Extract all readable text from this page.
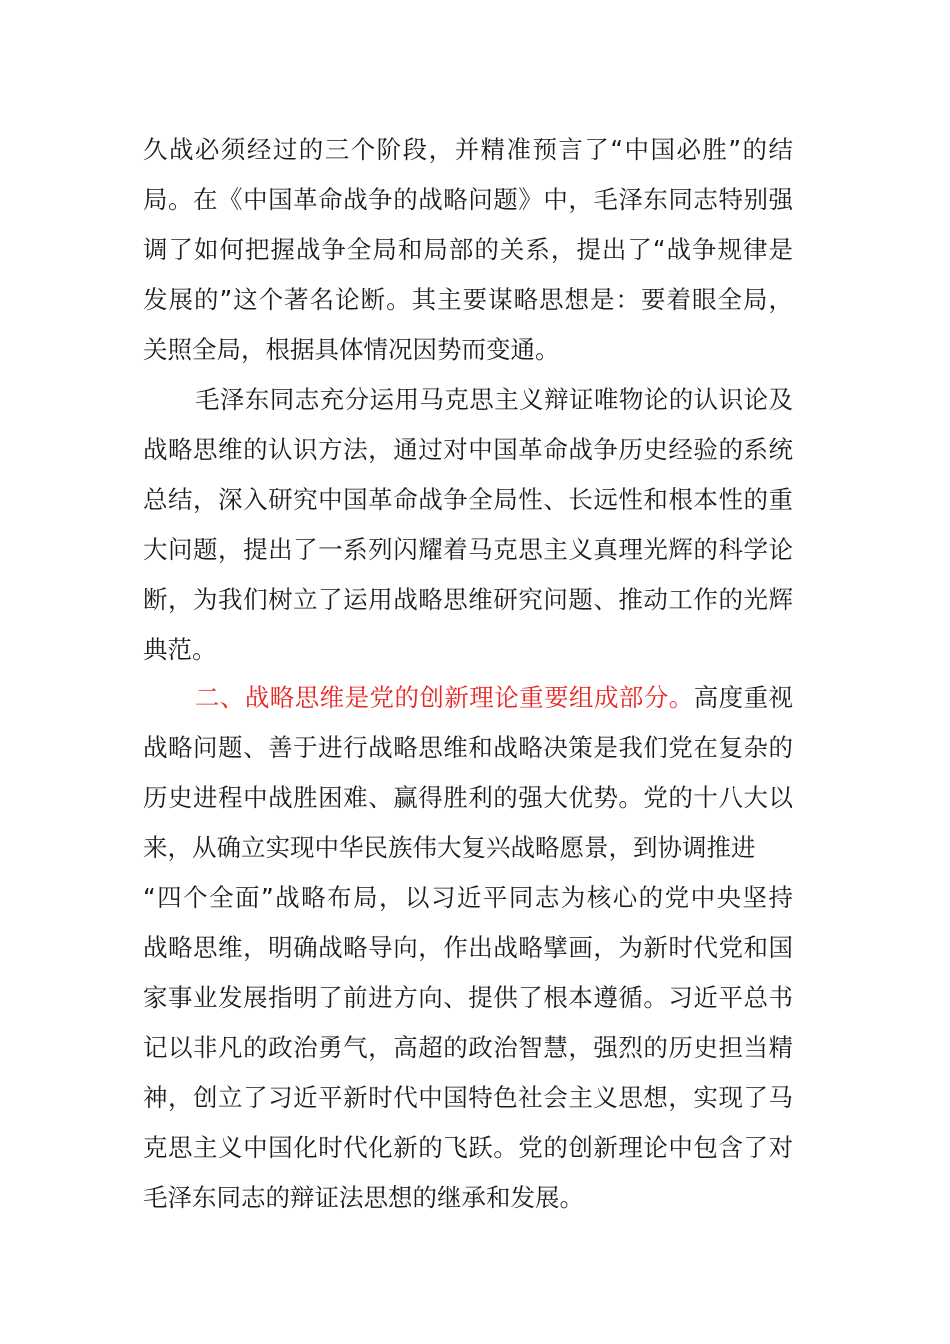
久战必须经过的三个阶段，并精准预言了“中国必胜”的结
局。在《中国革命战争的战略问题》中，毛泽东同志特别强
调了如何把握战争全局和局部的关系，提出了“战争规律是
发展的”这个著名论断。其主要谋略思想是：要着眼全局，
关照全局，根据具体情况因势而变通。
毛泽东同志充分运用马克思主义辩证唯物论的认识论及
战略思维的认识方法，通过对中国革命战争历史经验的系统
总结，深入研究中国革命战争全局性、长远性和根本性的重
大问题，提出了一系列闪耀着马克思主义真理光辉的科学论
断，为我们树立了运用战略思维研究问题、推动工作的光辉
典范。
二、战略思维是党的创新理论重要组成部分。高度重视
战略问题、善于进行战略思维和战略决策是我们党在复杂的
历史进程中战胜困难、赢得胜利的强大优势。党的十八大以
来，从确立实现中华民族伟大复兴战略愿景，到协调推进
“四个全面”战略布局，以习近平同志为核心的党中央坚持
战略思维，明确战略导向，作出战略擘画，为新时代党和国
家事业发展指明了前进方向、提供了根本遵循。习近平总书
记以非凡的政治勇气，高超的政治智慧，强烈的历史担当精
神，创立了习近平新时代中国特色社会主义思想，实现了马
克思主义中国化时代化新的飞跃。党的创新理论中包含了对
毛泽东同志的辩证法思想的继承和发展。
